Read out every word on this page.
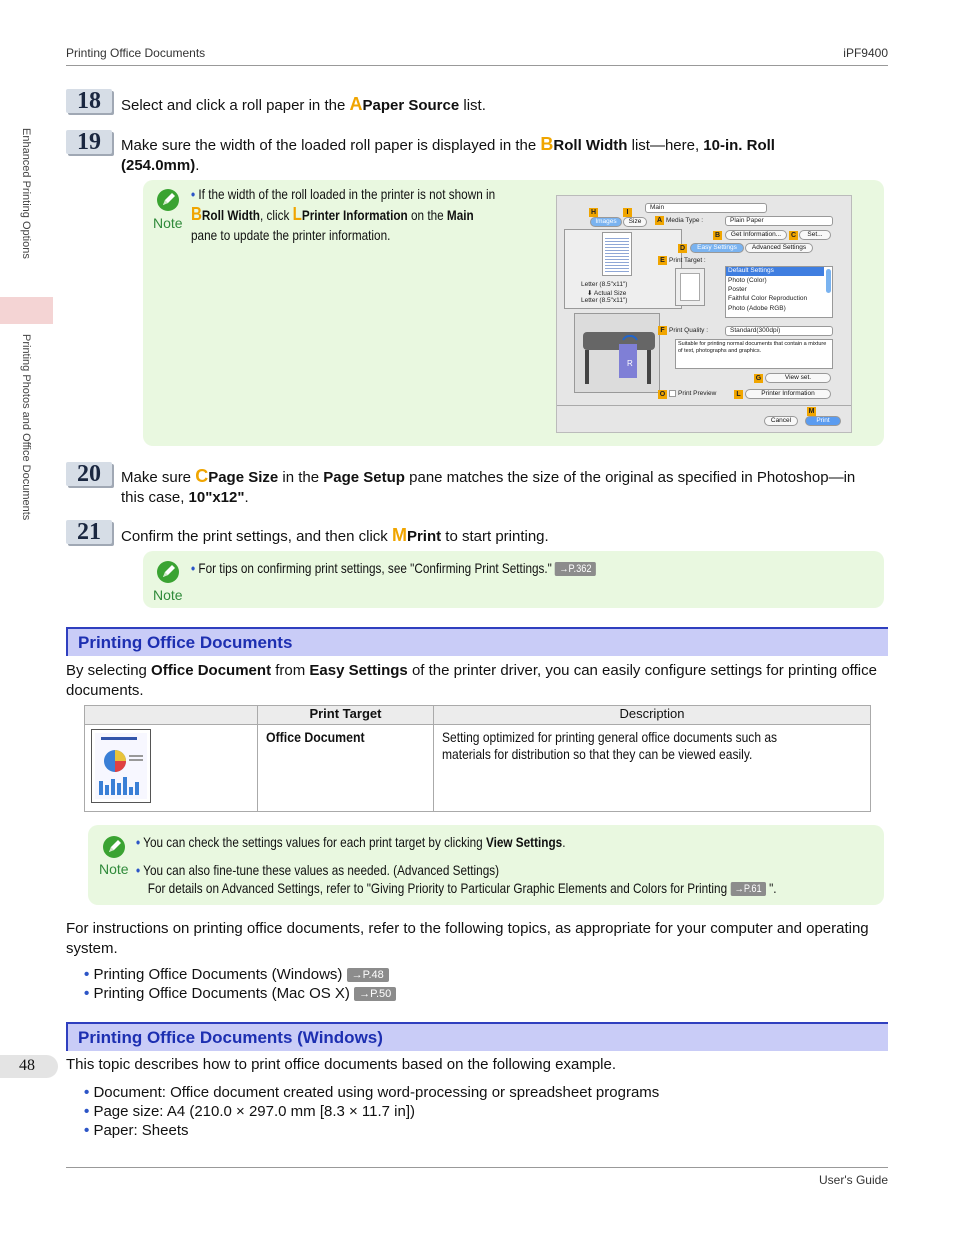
Printing Office Documents	iPF9400
Enhanced Printing Options
Printing Photos and Office Documents
18	Select and click a roll paper in the APaper Source list.
19	Make sure the width of the loaded roll paper is displayed in the BRoll Width list—here, 10-in. Roll (254.0mm).
Note
• If the width of the roll loaded in the printer is not shown in
BRoll Width, click LPrinter Information on the Main
pane to update the printer information.
Main
H	I
Images	Size
Letter (8.5"x11")
⬇ Actual Size
Letter (8.5"x11")
R
A Media Type :	Plain Paper
B	Get Information...	C	Set...
D	Easy Settings	Advanced Settings
E Print Target :
Default Settings
Photo (Color)
Poster
Faithful Color Reproduction
Photo (Adobe RGB)
F Print Quality :	Standard(300dpi)
Suitable for printing normal documents that contain a mixture of text, photographs and graphics.
G	View set.
O Print Preview	L	Printer Information
M
Cancel	Print
20	Make sure CPage Size in the Page Setup pane matches the size of the original as specified in Photoshop—in this case, 10"x12".
21	Confirm the print settings, and then click MPrint to start printing.
Note
• For tips on confirming print settings, see "Confirming Print Settings." →P.362
Printing Office Documents
By selecting Office Document from Easy Settings of the printer driver, you can easily configure settings for printing office documents.
	Print Target	Description

Office Document	Setting optimized for printing general office documents such as materials for distribution so that they can be viewed easily.
Note
• You can check the settings values for each print target by clicking View Settings.
• You can also fine-tune these values as needed. (Advanced Settings)
For details on Advanced Settings, refer to "Giving Priority to Particular Graphic Elements and Colors for Printing →P.61 ".
For instructions on printing office documents, refer to the following topics, as appropriate for your computer and operating system.
• Printing Office Documents (Windows) →P.48
• Printing Office Documents (Mac OS X) →P.50
Printing Office Documents (Windows)
This topic describes how to print office documents based on the following example.
• Document: Office document created using word-processing or spreadsheet programs
• Page size: A4 (210.0 × 297.0 mm [8.3 × 11.7 in])
• Paper: Sheets
48
User's Guide
